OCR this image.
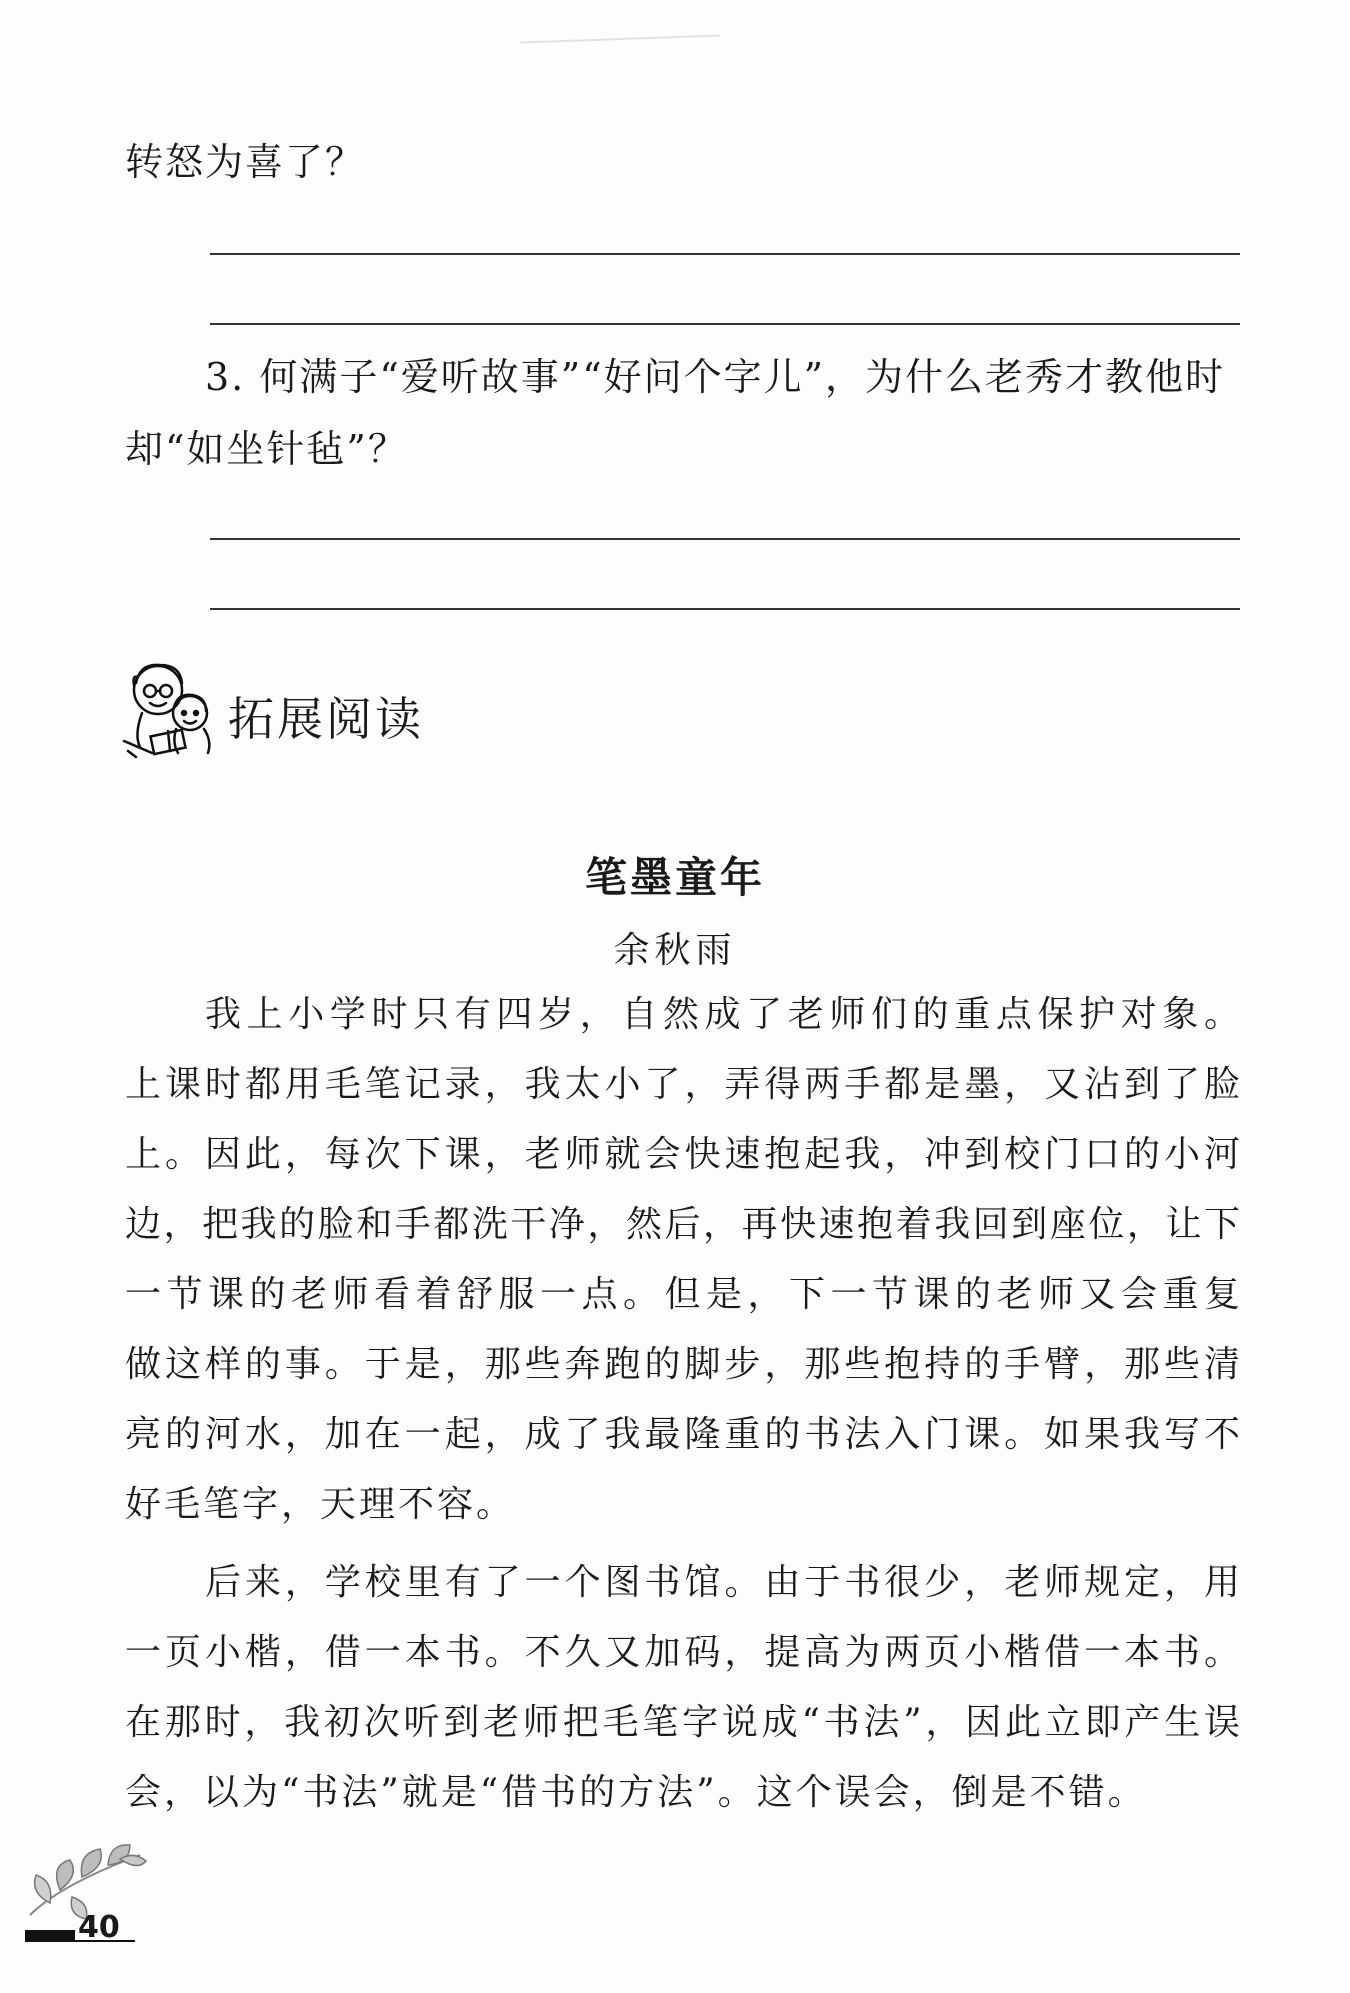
转怒为喜了？
3. 何满子“爱听故事”“好问个字儿”，为什么老秀才教他时
却“如坐针毡”？
拓展阅读
笔墨童年
余秋雨
我上小学时只有四岁，自然成了老师们的重点保护对象。
上课时都用毛笔记录，我太小了，弄得两手都是墨，又沾到了脸
上。因此，每次下课，老师就会快速抱起我，冲到校门口的小河
边，把我的脸和手都洗干净，然后，再快速抱着我回到座位，让下
一节课的老师看着舒服一点。但是，下一节课的老师又会重复
做这样的事。于是，那些奔跑的脚步，那些抱持的手臂，那些清
亮的河水，加在一起，成了我最隆重的书法入门课。如果我写不
好毛笔字，天理不容。
后来，学校里有了一个图书馆。由于书很少，老师规定，用
一页小楷，借一本书。不久又加码，提高为两页小楷借一本书。
在那时，我初次听到老师把毛笔字说成“书法”，因此立即产生误
会，以为“书法”就是“借书的方法”。这个误会，倒是不错。
40
